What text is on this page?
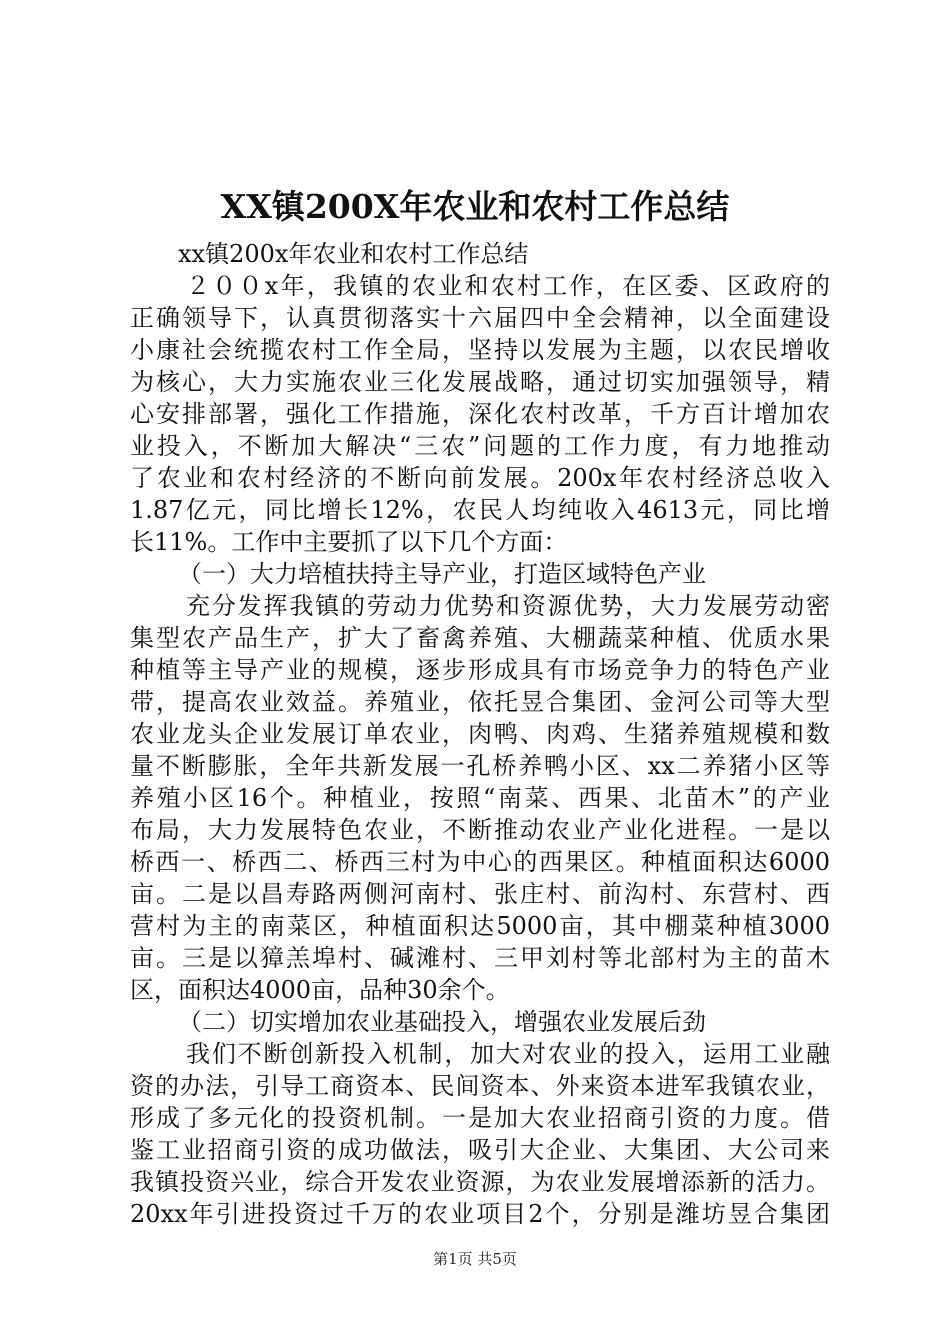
XX镇200X年农业和农村工作总结
xx镇200x年农业和农村工作总结
２００x年，我镇的农业和农村工作，在区委、区政府的
正确领导下，认真贯彻落实十六届四中全会精神，以全面建设
小康社会统揽农村工作全局，坚持以发展为主题，以农民增收
为核心，大力实施农业三化发展战略，通过切实加强领导，精
心安排部署，强化工作措施，深化农村改革，千方百计增加农
业投入，不断加大解决“三农”问题的工作力度，有力地推动
了农业和农村经济的不断向前发展。200x年农村经济总收入
1.87亿元，同比增长12%，农民人均纯收入4613元，同比增
长11%。工作中主要抓了以下几个方面：
（一）大力培植扶持主导产业，打造区域特色产业
充分发挥我镇的劳动力优势和资源优势，大力发展劳动密
集型农产品生产，扩大了畜禽养殖、大棚蔬菜种植、优质水果
种植等主导产业的规模，逐步形成具有市场竞争力的特色产业
带，提高农业效益。养殖业，依托昱合集团、金河公司等大型
农业龙头企业发展订单农业，肉鸭、肉鸡、生猪养殖规模和数
量不断膨胀，全年共新发展一孔桥养鸭小区、xx二养猪小区等
养殖小区16个。种植业，按照“南菜、西果、北苗木”的产业
布局，大力发展特色农业，不断推动农业产业化进程。一是以
桥西一、桥西二、桥西三村为中心的西果区。种植面积达6000
亩。二是以昌寿路两侧河南村、张庄村、前沟村、东营村、西
营村为主的南菜区，种植面积达5000亩，其中棚菜种植3000
亩。三是以獐羔埠村、碱滩村、三甲刘村等北部村为主的苗木
区，面积达4000亩，品种30余个。
（二）切实增加农业基础投入，增强农业发展后劲
我们不断创新投入机制，加大对农业的投入，运用工业融
资的办法，引导工商资本、民间资本、外来资本进军我镇农业，
形成了多元化的投资机制。一是加大农业招商引资的力度。借
鉴工业招商引资的成功做法，吸引大企业、大集团、大公司来
我镇投资兴业，综合开发农业资源，为农业发展增添新的活力。
20xx年引进投资过千万的农业项目2个，分别是潍坊昱合集团
第1页 共5页
